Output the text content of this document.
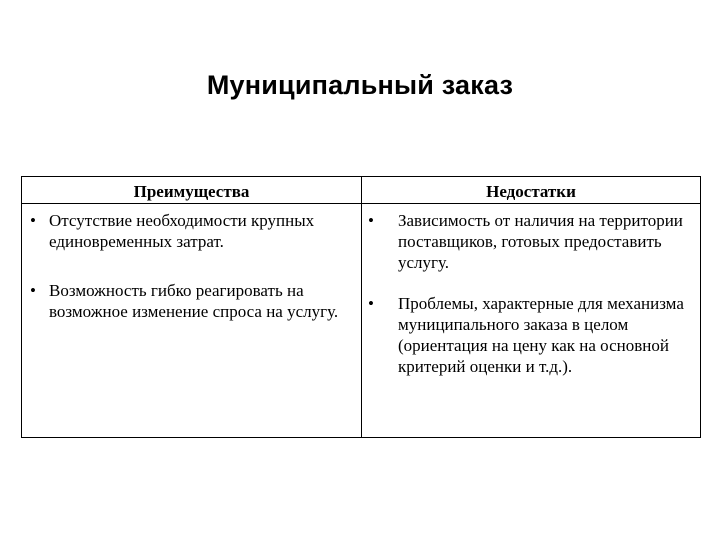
Муниципальный заказ
Преимущества	Недостатки
• Отсутствие необходимости крупных единовременных затрат.
• Возможность гибко реагировать на возможное изменение спроса на услугу.
• Зависимость от наличия на территории поставщиков, готовых предоставить услугу.
• Проблемы, характерные для механизма муниципального заказа в целом (ориентация на цену как на основной критерий оценки и т.д.).
